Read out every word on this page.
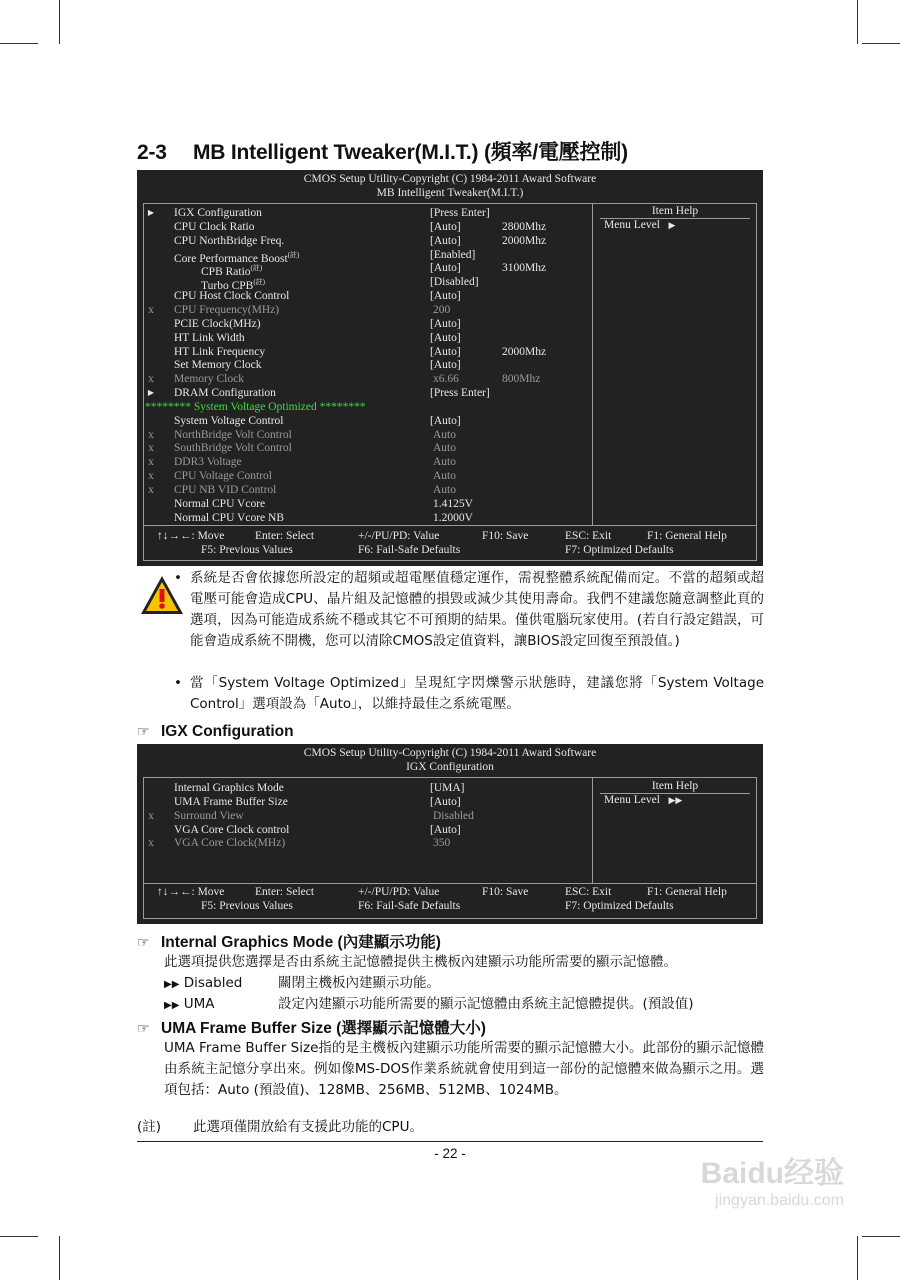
2-3 MB Intelligent Tweaker(M.I.T.) (頻率/電壓控制)
CMOS Setup Utility-Copyright (C) 1984-2011 Award Software
MB Intelligent Tweaker(M.I.T.)
Item Help
Menu Level ▶
▶ IGX Configuration	[Press Enter]
CPU Clock Ratio	[Auto]	2800Mhz
CPU NorthBridge Freq.	[Auto]	2000Mhz
Core Performance Boost$^{(註)}$	[Enabled]
CPB Ratio$^{(註)}$	[Auto]	3100Mhz
Turbo $CPB^{(註)}$	[Disabled]
CPU Host Clock Control	[Auto]
x CPU Frequency(MHz)	200
PCIE Clock(MHz)	[Auto]
HT Link Width	[Auto]
HT Link Frequency	[Auto]	2000Mhz
Set Memory Clock	[Auto]
x Memory Clock	x6.66	800Mhz
▶ DRAM Configuration	[Press Enter]
******** System Voltage Optimized ********
System Voltage Control	[Auto]
x NorthBridge Volt Control	Auto
x SouthBridge Volt Control	Auto
x DDR3 Voltage	Auto
x CPU Voltage Control	Auto
x CPU NB VID Control	Auto
Normal CPU Vcore	1.4125V
Normal CPU Vcore NB	1.2000V
↑↓→←: Move	Enter: Select	+/-/PU/PD: Value	F10: Save	ESC: Exit	F1: General Help
F5: Previous Values	F6: Fail-Safe Defaults	F7: Optimized Defaults
• 系統是否會依據您所設定的超頻或超電壓值穩定運作，需視整體系統配備而定。不當的超頻或超電壓可能會造成CPU、晶片組及記憶體的損毀或減少其使用壽命。我們不建議您隨意調整此頁的選項，因為可能造成系統不穩或其它不可預期的結果。僅供電腦玩家使用。(若自行設定錯誤，可能會造成系統不開機，您可以清除CMOS設定值資料，讓BIOS設定回復至預設值。)
• 當「System Voltage Optimized」呈現紅字閃爍警示狀態時，建議您將「System Voltage Control」選項設為「Auto」，以維持最佳之系統電壓。
☞ IGX Configuration
CMOS Setup Utility-Copyright (C) 1984-2011 Award Software
IGX Configuration
Item Help
Menu Level ▶▶
Internal Graphics Mode	[UMA]
UMA Frame Buffer Size	[Auto]
x Surround View	Disabled
VGA Core Clock control	[Auto]
x VGA Core Clock(MHz)	350
↑↓→←: Move	Enter: Select	+/-/PU/PD: Value	F10: Save	ESC: Exit	F1: General Help
F5: Previous Values	F6: Fail-Safe Defaults	F7: Optimized Defaults
☞ Internal Graphics Mode (內建顯示功能)
此選項提供您選擇是否由系統主記憶體提供主機板內建顯示功能所需要的顯示記憶體。
▶▶ Disabled	關閉主機板內建顯示功能。
▶▶ UMA	設定內建顯示功能所需要的顯示記憶體由系統主記憶體提供。(預設值)
☞ UMA Frame Buffer Size (選擇顯示記憶體大小)
UMA Frame Buffer Size指的是主機板內建顯示功能所需要的顯示記憶體大小。此部份的顯示記憶體由系統主記憶分享出來。例如像MS-DOS作業系統就會使用到這一部份的記憶體來做為顯示之用。選項包括：Auto (預設值)、128MB、256MB、512MB、1024MB。
(註) 此選項僅開放給有支援此功能的CPU。
- 22 -
Baidu经验
jingyan.baidu.com
